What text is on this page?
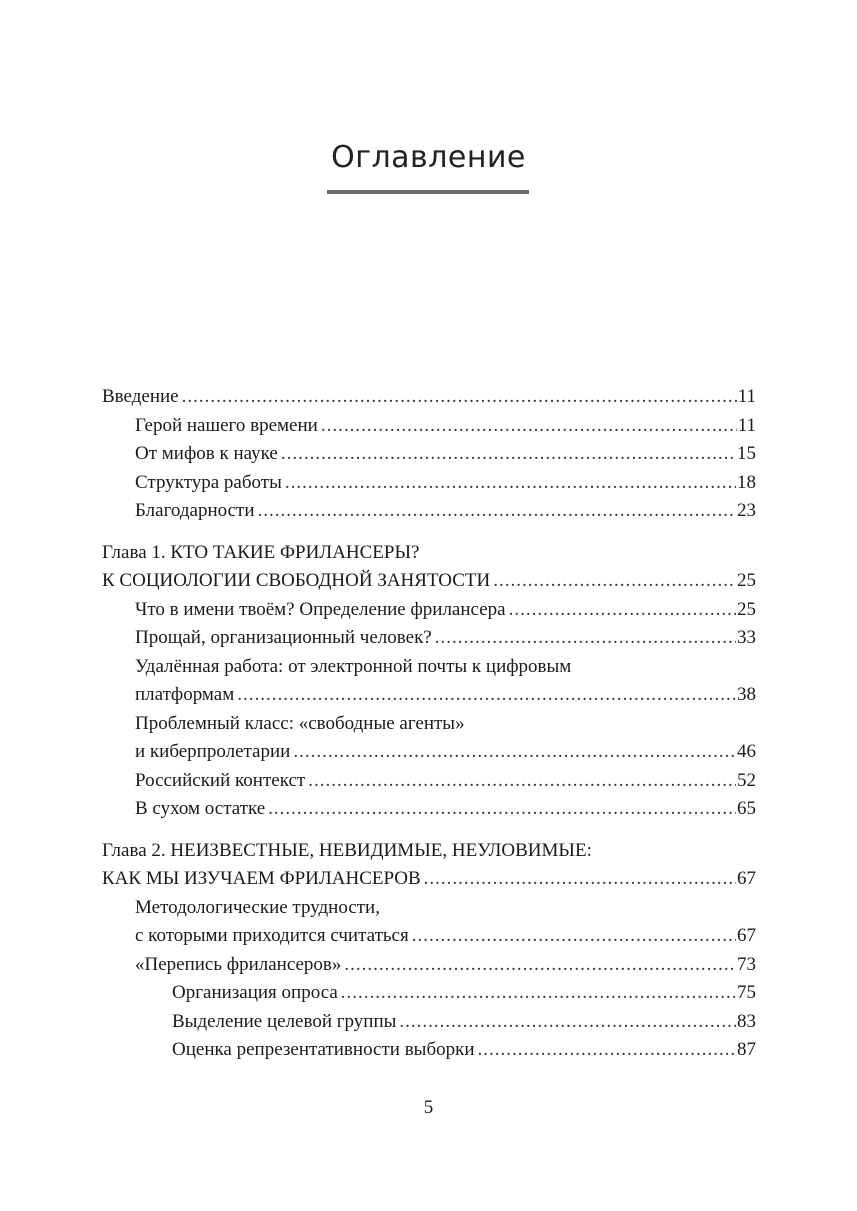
Оглавление
Введение .....	11
Герой нашего времени .....	11
От мифов к науке .....	15
Структура работы .....	18
Благодарности .....	23
Глава 1. КТО ТАКИЕ ФРИЛАНСЕРЫ?
К СОЦИОЛОГИИ СВОБОДНОЙ ЗАНЯТОСТИ .....	25
Что в имени твоём? Определение фрилансера .....	25
Прощай, организационный человек? .....	33
Удалённая работа: от электронной почты к цифровым
платформам .....	38
Проблемный класс: «свободные агенты»
и киберпролетарии .....	46
Российский контекст .....	52
В сухом остатке .....	65
Глава 2. НЕИЗВЕСТНЫЕ, НЕВИДИМЫЕ, НЕУЛОВИМЫЕ:
КАК МЫ ИЗУЧАЕМ ФРИЛАНСЕРОВ .....	67
Методологические трудности,
с которыми приходится считаться .....	67
«Перепись фрилансеров» .....	73
Организация опроса .....	75
Выделение целевой группы .....	83
Оценка репрезентативности выборки .....	87
5
